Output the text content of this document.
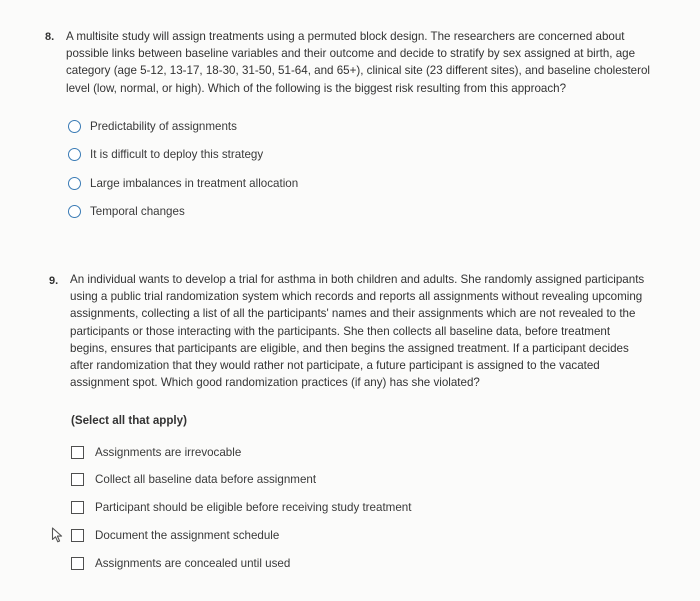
8. A multisite study will assign treatments using a permuted block design. The researchers are concerned about
possible links between baseline variables and their outcome and decide to stratify by sex assigned at birth, age
category (age 5-12, 13-17, 18-30, 31-50, 51-64, and 65+), clinical site (23 different sites), and baseline cholesterol
level (low, normal, or high). Which of the following is the biggest risk resulting from this approach?
Predictability of assignments
It is difficult to deploy this strategy
Large imbalances in treatment allocation
Temporal changes
9. An individual wants to develop a trial for asthma in both children and adults. She randomly assigned participants
using a public trial randomization system which records and reports all assignments without revealing upcoming
assignments, collecting a list of all the participants' names and their assignments which are not revealed to the
participants or those interacting with the participants. She then collects all baseline data, before treatment
begins, ensures that participants are eligible, and then begins the assigned treatment. If a participant decides
after randomization that they would rather not participate, a future participant is assigned to the vacated
assignment spot. Which good randomization practices (if any) has she violated?
(Select all that apply)
Assignments are irrevocable
Collect all baseline data before assignment
Participant should be eligible before receiving study treatment
Document the assignment schedule
Assignments are concealed until used
